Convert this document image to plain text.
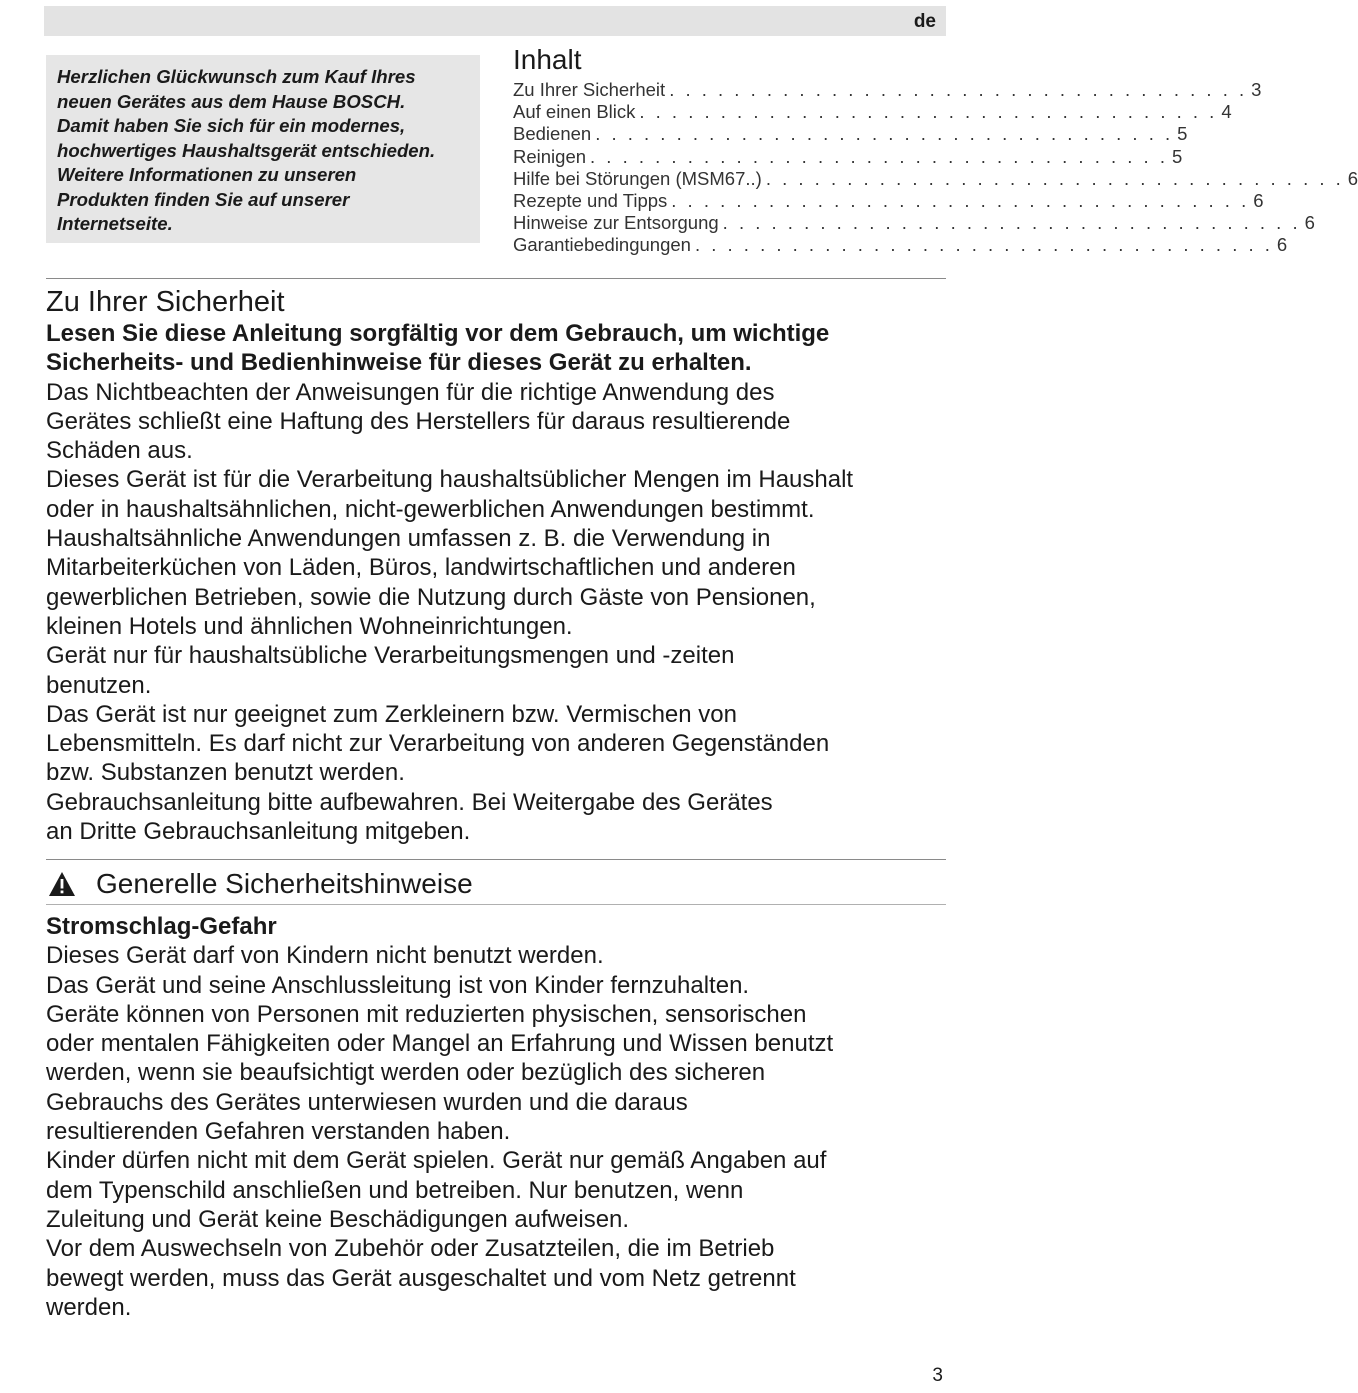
de
Herzlichen Glückwunsch zum Kauf Ihres
neuen Gerätes aus dem Hause BOSCH.
Damit haben Sie sich für ein modernes,
hochwertiges Haushaltsgerät entschieden.
Weitere Informationen zu unseren
Produkten finden Sie auf unserer
Internetseite.
Inhalt
Zu Ihrer Sicherheit . . . . . . . . . . . . . . . . . . . . . . . . . . . . . . . . . . . . 3
Auf einen Blick . . . . . . . . . . . . . . . . . . . . . . . . . . . . . . . . . . . . 4
Bedienen . . . . . . . . . . . . . . . . . . . . . . . . . . . . . . . . . . . . 5
Reinigen . . . . . . . . . . . . . . . . . . . . . . . . . . . . . . . . . . . . 5
Hilfe bei Störungen (MSM67..) . . . . . . . . . . . . . . . . . . . . . . . . . . . . . . . . . . . . 6
Rezepte und Tipps . . . . . . . . . . . . . . . . . . . . . . . . . . . . . . . . . . . . 6
Hinweise zur Entsorgung . . . . . . . . . . . . . . . . . . . . . . . . . . . . . . . . . . . . 6
Garantiebedingungen . . . . . . . . . . . . . . . . . . . . . . . . . . . . . . . . . . . . 6
Zu Ihrer Sicherheit
Lesen Sie diese Anleitung sorgfältig vor dem Gebrauch, um wichtige
Sicherheits- und Bedienhinweise für dieses Gerät zu erhalten.
Das Nichtbeachten der Anweisungen für die richtige Anwendung des
Gerätes schließt eine Haftung des Herstellers für daraus resultierende
Schäden aus.
Dieses Gerät ist für die Verarbeitung haushaltsüblicher Mengen im Haushalt
oder in haushaltsähnlichen, nicht-gewerblichen Anwendungen bestimmt.
Haushaltsähnliche Anwendungen umfassen z. B. die Verwendung in
Mitarbeiterküchen von Läden, Büros, landwirtschaftlichen und anderen
gewerblichen Betrieben, sowie die Nutzung durch Gäste von Pensionen,
kleinen Hotels und ähnlichen Wohneinrichtungen.
Gerät nur für haushaltsübliche Verarbeitungsmengen und -zeiten
benutzen.
Das Gerät ist nur geeignet zum Zerkleinern bzw. Vermischen von
Lebensmitteln. Es darf nicht zur Verarbeitung von anderen Gegenständen
bzw. Substanzen benutzt werden.
Gebrauchsanleitung bitte aufbewahren. Bei Weitergabe des Gerätes
an Dritte Gebrauchsanleitung mitgeben.
Generelle Sicherheitshinweise
Stromschlag-Gefahr
Dieses Gerät darf von Kindern nicht benutzt werden.
Das Gerät und seine Anschlussleitung ist von Kinder fernzuhalten.
Geräte können von Personen mit reduzierten physischen, sensorischen
oder mentalen Fähigkeiten oder Mangel an Erfahrung und Wissen benutzt
werden, wenn sie beaufsichtigt werden oder bezüglich des sicheren
Gebrauchs des Gerätes unterwiesen wurden und die daraus
resultierenden Gefahren verstanden haben.
Kinder dürfen nicht mit dem Gerät spielen. Gerät nur gemäß Angaben auf
dem Typenschild anschließen und betreiben. Nur benutzen, wenn
Zuleitung und Gerät keine Beschädigungen aufweisen.
Vor dem Auswechseln von Zubehör oder Zusatzteilen, die im Betrieb
bewegt werden, muss das Gerät ausgeschaltet und vom Netz getrennt
werden.
3
